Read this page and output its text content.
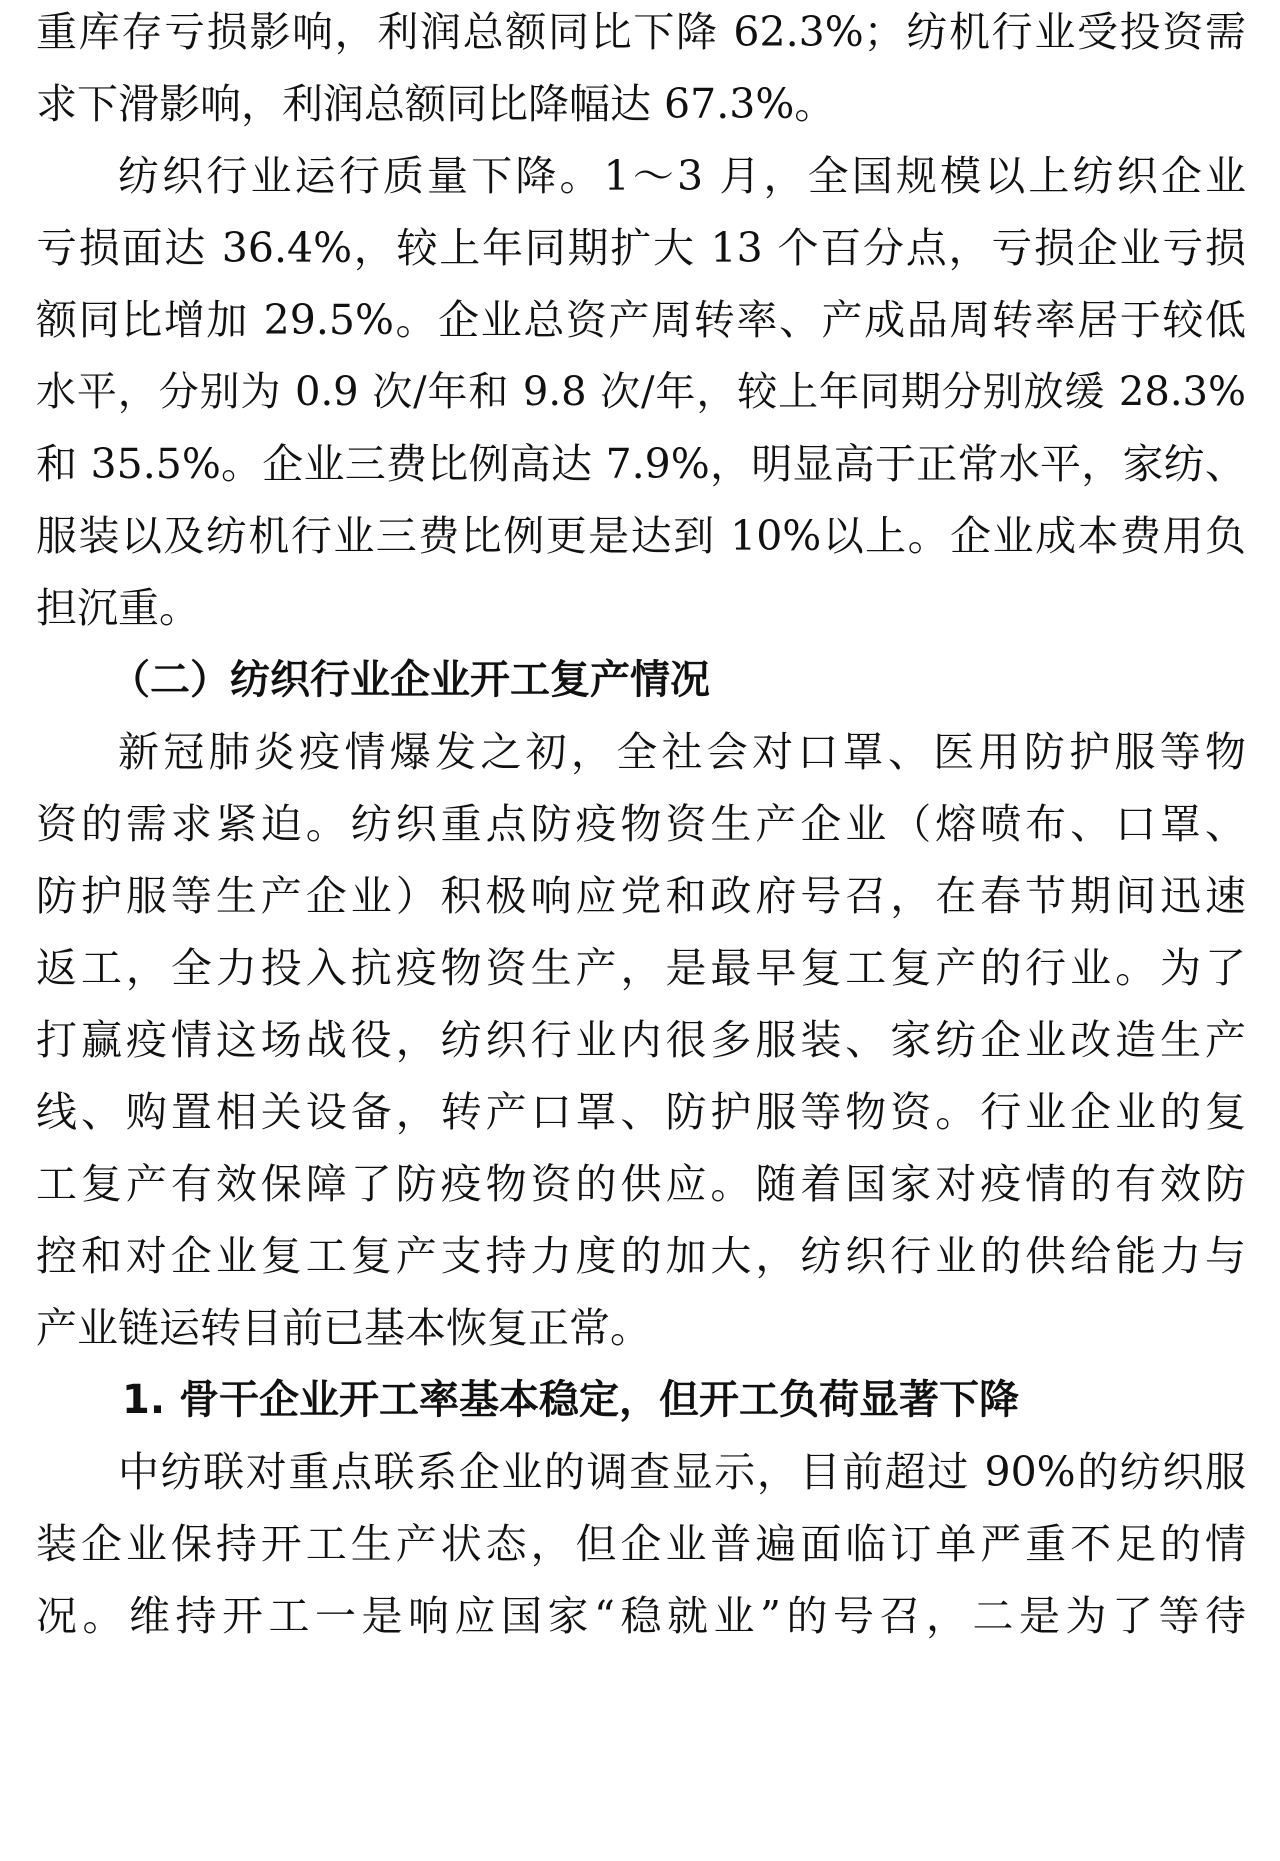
重库存亏损影响，利润总额同比下降 62.3%；纺机行业受投资需
求下滑影响，利润总额同比降幅达 67.3%。
纺织行业运行质量下降。1～3 月，全国规模以上纺织企业
亏损面达 36.4%，较上年同期扩大 13 个百分点，亏损企业亏损
额同比增加 29.5%。企业总资产周转率、产成品周转率居于较低
水平，分别为 0.9 次/年和 9.8 次/年，较上年同期分别放缓 28.3%
和 35.5%。企业三费比例高达 7.9%，明显高于正常水平，家纺、
服装以及纺机行业三费比例更是达到 10%以上。企业成本费用负
担沉重。
（二）纺织行业企业开工复产情况
新冠肺炎疫情爆发之初，全社会对口罩、医用防护服等物
资的需求紧迫。纺织重点防疫物资生产企业（熔喷布、口罩、
防护服等生产企业）积极响应党和政府号召，在春节期间迅速
返工，全力投入抗疫物资生产，是最早复工复产的行业。为了
打赢疫情这场战役，纺织行业内很多服装、家纺企业改造生产
线、购置相关设备，转产口罩、防护服等物资。行业企业的复
工复产有效保障了防疫物资的供应。随着国家对疫情的有效防
控和对企业复工复产支持力度的加大，纺织行业的供给能力与
产业链运转目前已基本恢复正常。
1. 骨干企业开工率基本稳定，但开工负荷显著下降
中纺联对重点联系企业的调查显示，目前超过 90%的纺织服
装企业保持开工生产状态，但企业普遍面临订单严重不足的情
况。维持开工一是响应国家“稳就业”的号召，二是为了等待
